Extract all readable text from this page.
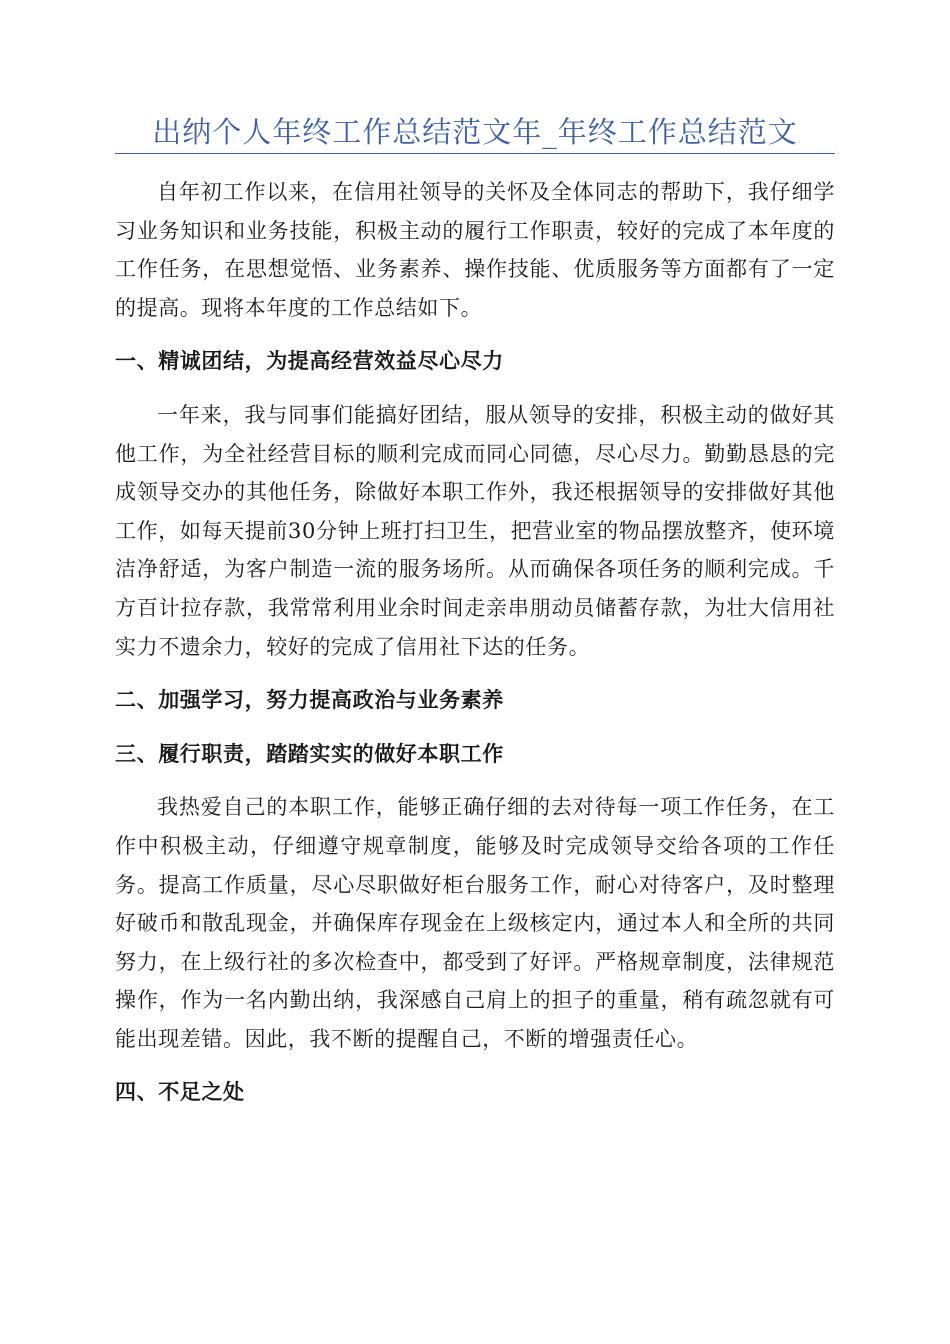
出纳个人年终工作总结范文年_年终工作总结范文

自年初工作以来，在信用社领导的关怀及全体同志的帮助下，我仔细学习业务知识和业务技能，积极主动的履行工作职责，较好的完成了本年度的工作任务，在思想觉悟、业务素养、操作技能、优质服务等方面都有了一定的提高。现将本年度的工作总结如下。

一、精诚团结，为提高经营效益尽心尽力

一年来，我与同事们能搞好团结，服从领导的安排，积极主动的做好其他工作，为全社经营目标的顺利完成而同心同德，尽心尽力。勤勤恳恳的完成领导交办的其他任务，除做好本职工作外，我还根据领导的安排做好其他工作，如每天提前30分钟上班打扫卫生，把营业室的物品摆放整齐，使环境洁净舒适，为客户制造一流的服务场所。从而确保各项任务的顺利完成。千方百计拉存款，我常常利用业余时间走亲串朋动员储蓄存款，为壮大信用社实力不遗余力，较好的完成了信用社下达的任务。

二、加强学习，努力提高政治与业务素养

三、履行职责，踏踏实实的做好本职工作

我热爱自己的本职工作，能够正确仔细的去对待每一项工作任务，在工作中积极主动，仔细遵守规章制度，能够及时完成领导交给各项的工作任务。提高工作质量，尽心尽职做好柜台服务工作，耐心对待客户，及时整理好破币和散乱现金，并确保库存现金在上级核定内，通过本人和全所的共同努力，在上级行社的多次检查中，都受到了好评。严格规章制度，法律规范操作，作为一名内勤出纳，我深感自己肩上的担子的重量，稍有疏忽就有可能出现差错。因此，我不断的提醒自己，不断的增强责任心。

四、不足之处
